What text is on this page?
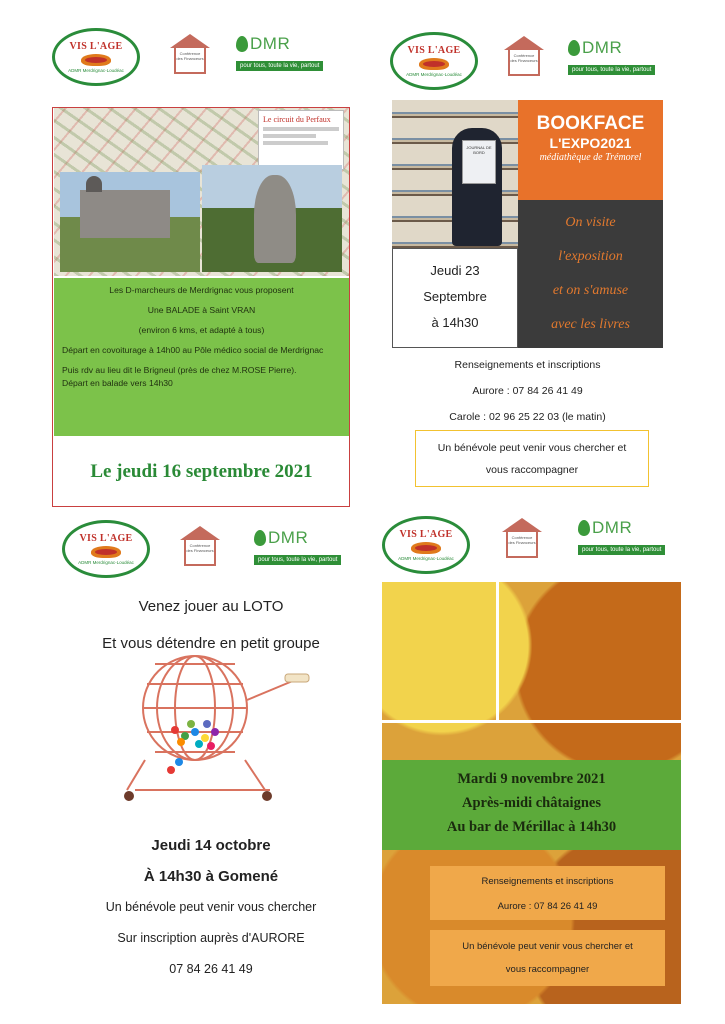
VIS L'AGE
ADMR Merdrignac-Loudéac
Conférence des Financeurs
DMR
pour tous, toute la vie, partout
VIS L'AGE
ADMR Merdrignac-Loudéac
Conférence des Financeurs
DMR
pour tous, toute la vie, partout
VIS L'AGE
ADMR Merdrignac-Loudéac
Conférence des Financeurs
DMR
pour tous, toute la vie, partout
VIS L'AGE
ADMR Merdrignac-Loudéac
Conférence des Financeurs
DMR
pour tous, toute la vie, partout
Le circuit du Perfaux

Les D-marcheurs de Merdrignac vous proposent

Une BALADE à Saint VRAN

(environ 6 kms, et adapté à tous)

Départ en covoiturage à 14h00 au Pôle médico social de Merdrignac

Puis rdv au lieu dit le Brigneul (près de chez M.ROSE Pierre).        Départ en balade vers 14h30

Le jeudi 16 septembre 2021
JOURNAL DE BORD
BOOKFACE
L'EXPO2021
médiathèque de Trémorel
On visite
l'exposition
et on s'amuse
avec les livres
Jeudi 23
Septembre
à 14h30
Renseignements et inscriptions
Aurore : 07 84 26 41 49
Carole : 02 96 25 22 03 (le matin)
Un bénévole peut venir vous chercher et
vous raccompagner
Venez jouer au LOTO
Et vous détendre en petit groupe
Jeudi 14 octobre
À 14h30 à Gomené
Un bénévole peut venir vous chercher
Sur inscription auprès d'AURORE
07 84 26 41 49
Mardi 9 novembre 2021
Après-midi châtaignes
Au bar de Mérillac à 14h30
Renseignements et inscriptions
Aurore : 07 84 26 41 49
Un bénévole peut venir vous chercher et
vous raccompagner
